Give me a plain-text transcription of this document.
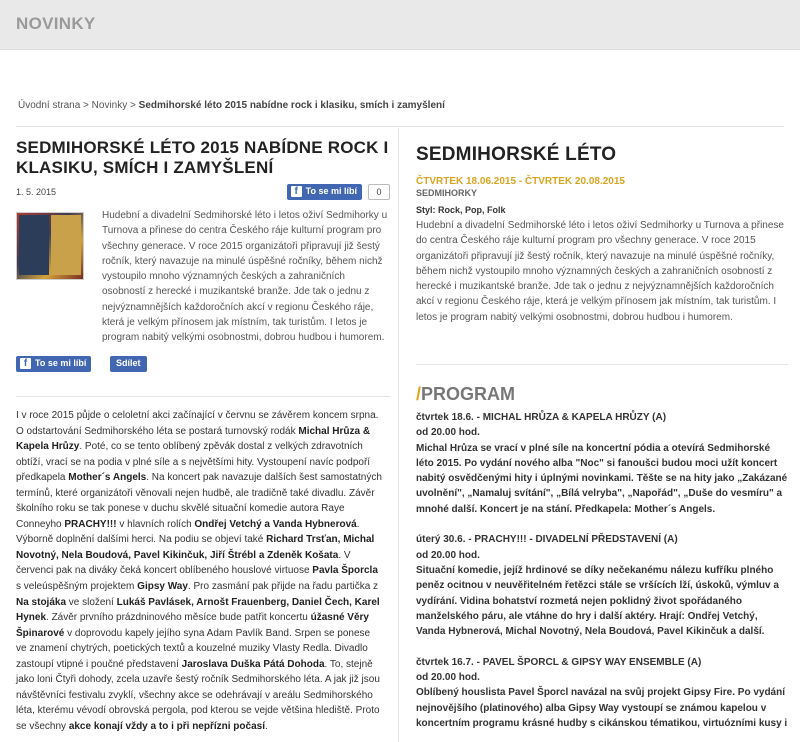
NOVINKY
Úvodní strana > Novinky > Sedmihorské léto 2015 nabídne rock i klasiku, smích i zamyšlení
SEDMIHORSKÉ LÉTO 2015 NABÍDNE ROCK I KLASIKU, SMÍCH I ZAMYŠLENÍ
1. 5. 2015	f To se mi líbí	0
Hudební a divadelní Sedmihorské léto i letos oživí Sedmihorky u Turnova a přinese do centra Českého ráje kulturní program pro všechny generace. V roce 2015 organizátoři připravují již šestý ročník, který navazuje na minulé úspěšné ročníky, během nichž vystoupilo mnoho významných českých a zahraničních osobností z herecké i muzikantské branže. Jde tak o jednu z nejvýznamnějších každoročních akcí v regionu Českého ráje, která je velkým přínosem jak místním, tak turistům. I letos je program nabitý velkými osobnostmi, dobrou hudbou i humorem.
f To se mi líbí	Sdílet
I v roce 2015 půjde o celoletní akci začínající v červnu se závěrem koncem srpna. O odstartování Sedmihorského léta se postará turnovský rodák Michal Hrůza & Kapela Hrůzy. Poté, co se tento oblíbený zpěvák dostal z velkých zdravotních obtíží, vrací se na podia v plné síle a s největšími hity. Vystoupení navíc podpoří předkapela Mother´s Angels. Na koncert pak navazuje dalších šest samostatných termínů, které organizátoři věnovali nejen hudbě, ale tradičně také divadlu. Závěr školního roku se tak ponese v duchu skvělé situační komedie autora Raye Conneyho PRACHY!!! v hlavních rolích Ondřej Vetchý a Vanda Hybnerová. Výborně doplnění dalšími herci. Na podiu se objeví také Richard Trsťan, Michal Novotný, Nela Boudová, Pavel Kikinčuk, Jiří Štrébl a Zdeněk Košata. V červenci pak na diváky čeká koncert oblíbeného houslové virtuose Pavla Šporcla s veleúspěšným projektem Gipsy Way. Pro zasmání pak přijde na řadu partička z Na stojáka ve složení Lukáš Pavlásek, Arnošt Frauenberg, Daniel Čech, Karel Hynek. Závěr prvního prázdninového měsíce bude patřit koncertu úžasné Věry Špinarové v doprovodu kapely jejího syna Adam Pavlík Band. Srpen se ponese ve znamení chytrých, poetických textů a kouzelné muziky Vlasty Redla. Divadlo zastoupí vtipné i poučné představení Jaroslava Duška Pátá Dohoda. To, stejně jako loni Čtyři dohody, zcela uzavře šestý ročník Sedmihorského léta. A jak již jsou návštěvníci festivalu zvyklí, všechny akce se odehrávají v areálu Sedmihorského léta, kterému vévodí obrovská pergola, pod kterou se vejde většina hlediště. Proto se všechny akce konají vždy a to i při nepřízni počasí.
SEDMIHORSKÉ LÉTO
ČTVRTEK 18.06.2015 - ČTVRTEK 20.08.2015
SEDMIHORKY
Styl: Rock, Pop, Folk
Hudební a divadelní Sedmihorské léto i letos oživí Sedmihorky u Turnova a přinese do centra Českého ráje kulturní program pro všechny generace. V roce 2015 organizátoři připravují již šestý ročník, který navazuje na minulé úspěšné ročníky, během nichž vystoupilo mnoho významných českých a zahraničních osobností z herecké i muzikantské branže. Jde tak o jednu z nejvýznamnějších každoročních akcí v regionu Českého ráje, která je velkým přínosem jak místním, tak turistům. I letos je program nabitý velkými osobnostmi, dobrou hudbou i humorem.
/PROGRAM
čtvrtek 18.6. - MICHAL HRŮZA & KAPELA HRŮZY (A)
od 20.00 hod.
Michal Hrůza se vrací v plné síle na koncertní pódia a otevírá Sedmihorské léto 2015. Po vydání nového alba "Noc" si fanoušci budou moci užít koncert nabitý osvědčenými hity i úplnými novinkami. Těšte se na hity jako „Zakázané uvolnění", „Namaluj svítání", „Bílá velryba", „Napořád", „Duše do vesmíru" a mnohé další. Koncert je na stání. Předkapela: Mother´s Angels.
úterý 30.6. - PRACHY!!! - DIVADELNÍ PŘEDSTAVENÍ (A)
od 20.00 hod.
Situační komedie, jejíž hrdinové se díky nečekanému nálezu kufříku plného peněz ocitnou v neuvěřitelném řetězci stále se vršících lží, úskoků, výmluv a vydírání. Vidina bohatství rozmetá nejen poklidný život spořádaného manželského páru, ale vtáhne do hry i další aktéry. Hrají: Ondřej Vetchý, Vanda Hybnerová, Michal Novotný, Nela Boudová, Pavel Kikinčuk a další.
čtvrtek 16.7. - PAVEL ŠPORCL & GIPSY WAY ENSEMBLE (A)
od 20.00 hod.
Oblíbený houslista Pavel Šporcl navázal na svůj projekt Gipsy Fire. Po vydání nejnovějšího (platinového) alba Gipsy Way vystoupí se známou kapelou v koncertním programu krásné hudby s cikánskou tématikou, virtuózními kusy i
